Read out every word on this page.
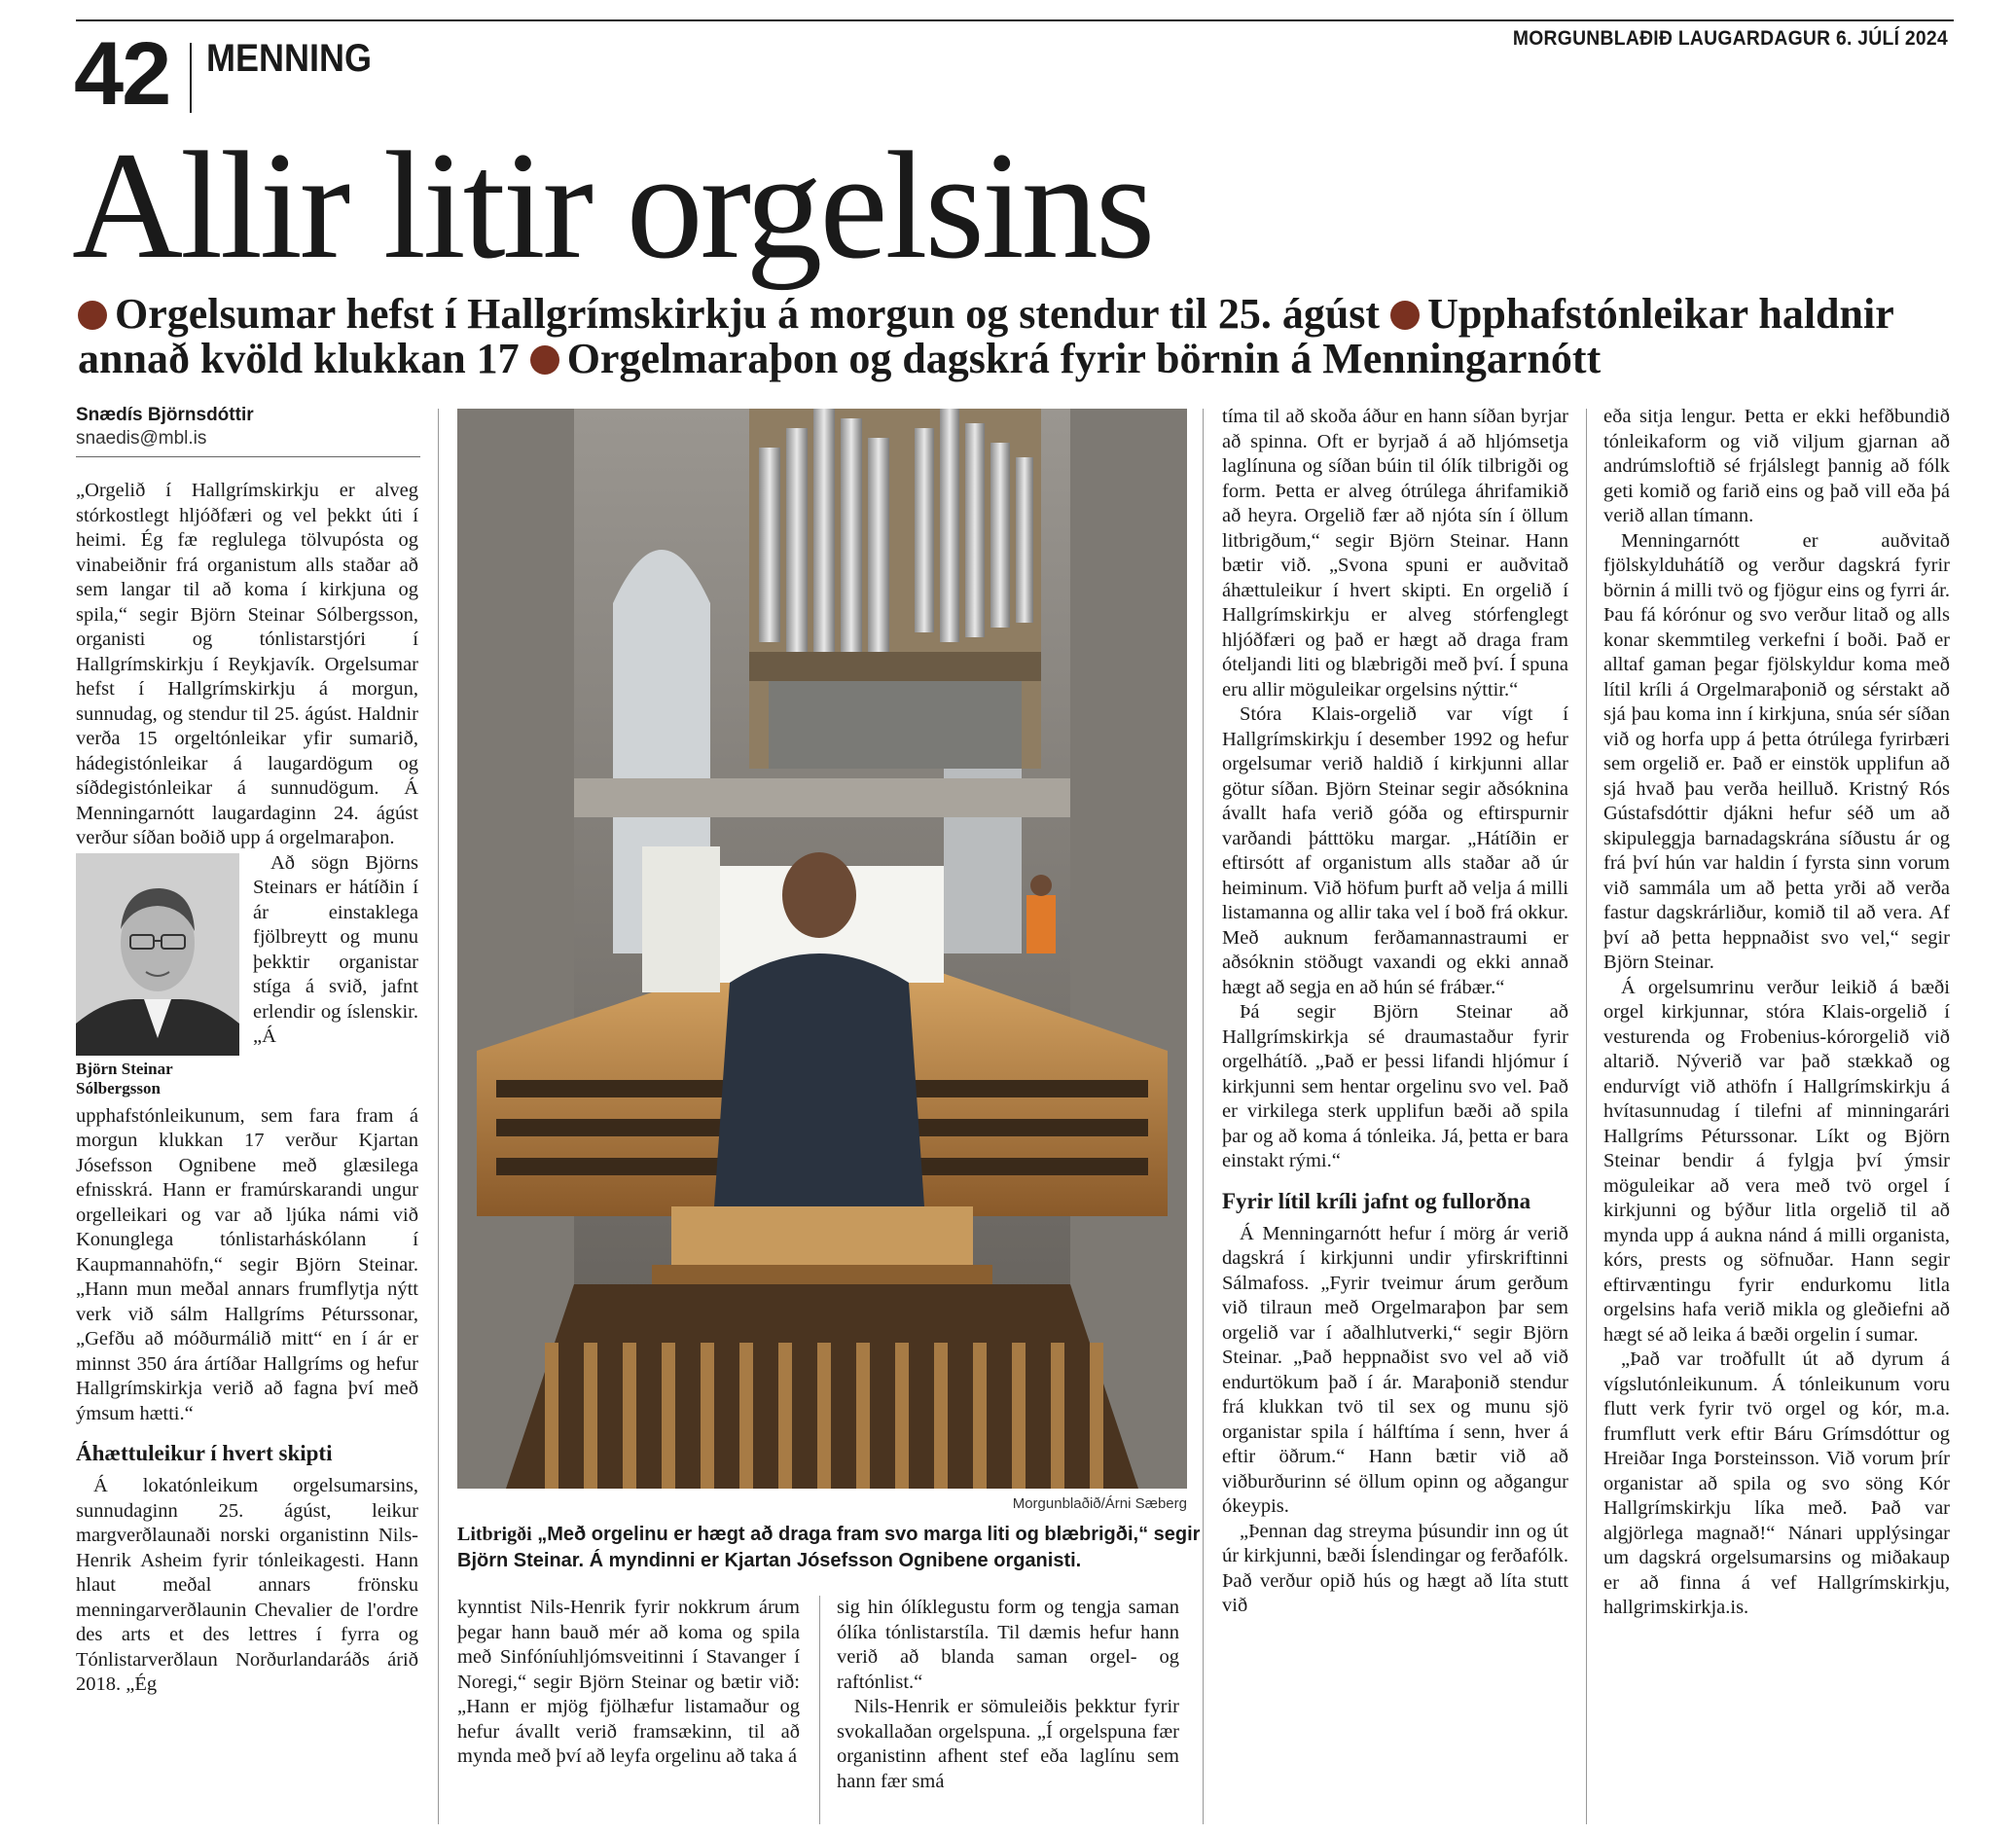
42 MENNING	MORGUNBLAÐIÐ LAUGARDAGUR 6. JÚLÍ 2024
Allir litir orgelsins
Orgelsumar hefst í Hallgrímskirkju á morgun og stendur til 25. ágúst Upphafstónleikar haldnir annað kvöld klukkan 17 Orgelmaraþon og dagskrá fyrir börnin á Menningarnótt
Snædís Björnsdóttir
snaedis@mbl.is

„Orgelið í Hallgrímskirkju er alveg stórkostlegt hljóðfæri og vel þekkt úti í heimi. Ég fæ reglulega tölvupósta og vinabeiðnir frá organistum alls staðar að sem langar til að koma í kirkjuna og spila,“ segir Björn Steinar Sólbergsson, organisti og tónlistarstjóri í Hallgrímskirkju í Reykjavík. Orgelsumar hefst í Hallgrímskirkju á morgun, sunnudag, og stendur til 25. ágúst. Haldnir verða 15 orgeltónleikar yfir sumarið, hádegistónleikar á laugardögum og síðdegistónleikar á sunnudögum. Á Menningarnótt laugardaginn 24. ágúst verður síðan boðið upp á orgelmaraþon.

Björn Steinar Sólbergsson

Að sögn Björns Steinars er hátíðin í ár einstaklega fjölbreytt og munu þekktir organistar stíga á svið, jafnt erlendir og íslenskir. „Á upphafstónleikunum, sem fara fram á morgun klukkan 17 verður Kjartan Jósefsson Ognibene með glæsilega efnisskrá. Hann er framúrskarandi ungur orgelleikari og var að ljúka námi við Konunglega tónlistarháskólann í Kaupmannahöfn,“ segir Björn Steinar. „Hann mun meðal annars frumflytja nýtt verk við sálm Hallgríms Péturssonar, „Gefðu að móðurmálið mitt“ en í ár er minnst 350 ára ártíðar Hallgríms og hefur Hallgrímskirkja verið að fagna því með ýmsum hætti.“

Áhættuleikur í hvert skipti

Á lokatónleikum orgelsumarsins, sunnudaginn 25. ágúst, leikur margverðlaunaði norski organistinn Nils-Henrik Asheim fyrir tónleikagesti. Hann hlaut meðal annars frönsku menningarverðlaunin Chevalier de l'ordre des arts et des lettres í fyrra og Tónlistarverðlaun Norðurlandaráðs árið 2018. „Ég

Morgunblaðið/Árni Sæberg
Litbrigði „Með orgelinu er hægt að draga fram svo marga liti og blæbrigði,“ segir Björn Steinar. Á myndinni er Kjartan Jósefsson Ognibene organisti.

kynntist Nils-Henrik fyrir nokkrum árum þegar hann bauð mér að koma og spila með Sinfóníuhljómsveitinni í Stavanger í Noregi,“ segir Björn Steinar og bætir við: „Hann er mjög fjölhæfur listamaður og hefur ávallt verið framsækinn, til að mynda með því að leyfa orgelinu að taka á

sig hin ólíklegustu form og tengja saman ólíka tónlistarstíla. Til dæmis hefur hann verið að blanda saman orgel- og raftónlist.“

Nils-Henrik er sömuleiðis þekktur fyrir svokallaðan orgelspuna. „Í orgelspuna fær organistinn afhent stef eða laglínu sem hann fær smá

tíma til að skoða áður en hann síðan byrjar að spinna. Oft er byrjað á að hljómsetja laglínuna og síðan búin til ólík tilbrigði og form. Þetta er alveg ótrúlega áhrifamikið að heyra. Orgelið fær að njóta sín í öllum litbrigðum,“ segir Björn Steinar. Hann bætir við. „Svona spuni er auðvitað áhættuleikur í hvert skipti. En orgelið í Hallgrímskirkju er alveg stórfenglegt hljóðfæri og það er hægt að draga fram óteljandi liti og blæbrigði með því. Í spuna eru allir möguleikar orgelsins nýttir.“

Stóra Klais-orgelið var vígt í Hallgrímskirkju í desember 1992 og hefur orgelsumar verið haldið í kirkjunni allar götur síðan. Björn Steinar segir aðsóknina ávallt hafa verið góða og eftirspurnir varðandi þátttöku margar. „Hátíðin er eftirsótt af organistum alls staðar að úr heiminum. Við höfum þurft að velja á milli listamanna og allir taka vel í boð frá okkur. Með auknum ferðamannastraumi er aðsóknin stöðugt vaxandi og ekki annað hægt að segja en að hún sé frábær.“

Þá segir Björn Steinar að Hallgrímskirkja sé draumastaður fyrir orgelhátíð. „Það er þessi lifandi hljómur í kirkjunni sem hentar orgelinu svo vel. Það er virkilega sterk upplifun bæði að spila þar og að koma á tónleika. Já, þetta er bara einstakt rými.“

Fyrir lítil kríli jafnt og fullorðna

Á Menningarnótt hefur í mörg ár verið dagskrá í kirkjunni undir yfirskriftinni Sálmafoss. „Fyrir tveimur árum gerðum við tilraun með Orgelmaraþon þar sem orgelið var í aðalhlutverki,“ segir Björn Steinar. „Það heppnaðist svo vel að við endurtökum það í ár. Maraþonið stendur frá klukkan tvö til sex og munu sjö organistar spila í hálftíma í senn, hver á eftir öðrum.“ Hann bætir við að viðburðurinn sé öllum opinn og aðgangur ókeypis.

„Þennan dag streyma þúsundir inn og út úr kirkjunni, bæði Íslendingar og ferðafólk. Það verður opið hús og hægt að líta stutt við

eða sitja lengur. Þetta er ekki hefðbundið tónleikaform og við viljum gjarnan að andrúmsloftið sé frjálslegt þannig að fólk geti komið og farið eins og það vill eða þá verið allan tímann.

Menningarnótt er auðvitað fjölskylduhátíð og verður dagskrá fyrir börnin á milli tvö og fjögur eins og fyrri ár. Þau fá kórónur og svo verður litað og alls konar skemmtileg verkefni í boði. Það er alltaf gaman þegar fjölskyldur koma með lítil kríli á Orgelmaraþonið og sérstakt að sjá þau koma inn í kirkjuna, snúa sér síðan við og horfa upp á þetta ótrúlega fyrirbæri sem orgelið er. Það er einstök upplifun að sjá hvað þau verða heilluð. Kristný Rós Gústafsdóttir djákni hefur séð um að skipuleggja barnadagskrána síðustu ár og frá því hún var haldin í fyrsta sinn vorum við sammála um að þetta yrði að verða fastur dagskrárliður, komið til að vera. Af því að þetta heppnaðist svo vel,“ segir Björn Steinar.

Á orgelsumrinu verður leikið á bæði orgel kirkjunnar, stóra Klais-orgelið í vesturenda og Frobenius-kórorgelið við altarið. Nýverið var það stækkað og endurvígt við athöfn í Hallgrímskirkju á hvítasunnudag í tilefni af minningarári Hallgríms Péturssonar. Líkt og Björn Steinar bendir á fylgja því ýmsir möguleikar að vera með tvö orgel í kirkjunni og býður litla orgelið til að mynda upp á aukna nánd á milli organista, kórs, prests og söfnuðar. Hann segir eftirvæntingu fyrir endurkomu litla orgelsins hafa verið mikla og gleðiefni að hægt sé að leika á bæði orgelin í sumar.

„Það var troðfullt út að dyrum á vígslutónleikunum. Á tónleikunum voru flutt verk fyrir tvö orgel og kór, m.a. frumflutt verk eftir Báru Grímsdóttur og Hreiðar Inga Þorsteinsson. Við vorum þrír organistar að spila og svo söng Kór Hallgrímskirkju líka með. Það var algjörlega magnað!“ Nánari upplýsingar um dagskrá orgelsumarsins og miðakaup er að finna á vef Hallgrímskirkju, hallgrimskirkja.is.
